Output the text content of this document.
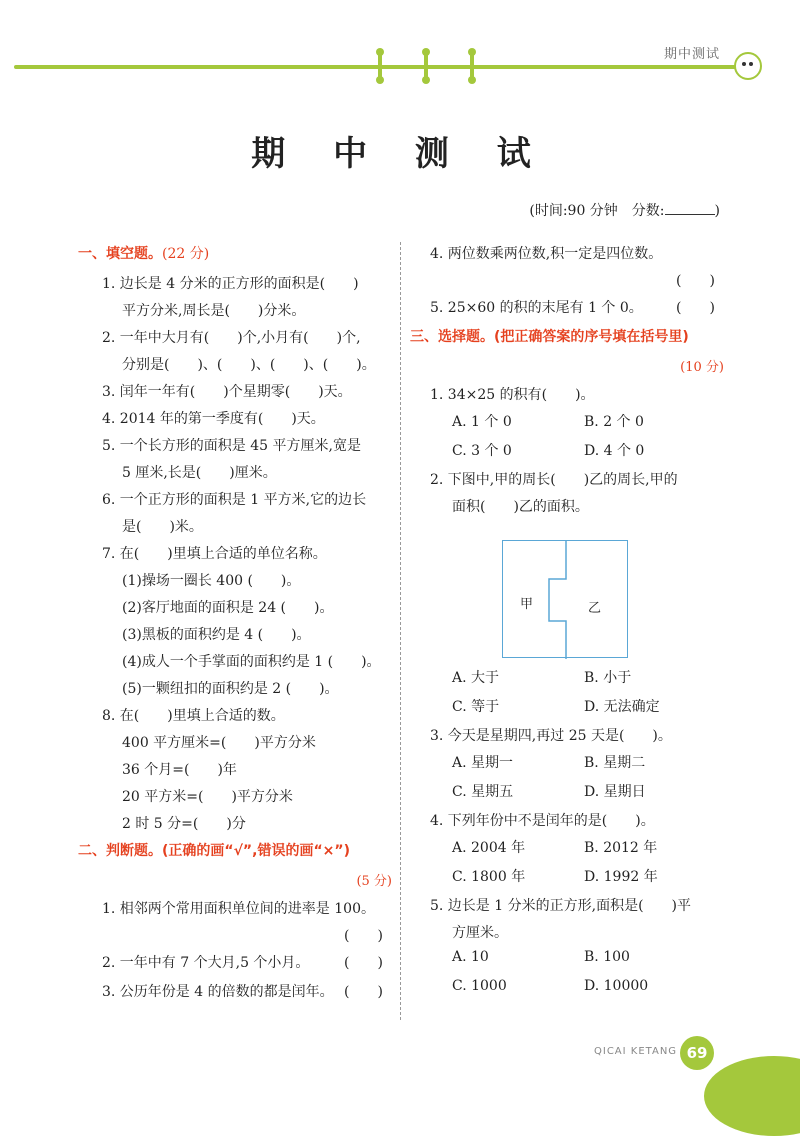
期中测试
期 中 测 试
(时间:90 分钟　分数:	)
一、填空题。(22 分)
1. 边长是 4 分米的正方形的面积是(　　)
平方分米,周长是(　　)分米。
2. 一年中大月有(　　)个,小月有(　　)个,
分别是(　　)、(　　)、(　　)、(　　)。
3. 闰年一年有(　　)个星期零(　　)天。
4. 2014 年的第一季度有(　　)天。
5. 一个长方形的面积是 45 平方厘米,宽是
5 厘米,长是(　　)厘米。
6. 一个正方形的面积是 1 平方米,它的边长
是(　　)米。
7. 在(　　)里填上合适的单位名称。
(1)操场一圈长 400 (　　)。
(2)客厅地面的面积是 24 (　　)。
(3)黑板的面积约是 4 (　　)。
(4)成人一个手掌面的面积约是 1 (　　)。
(5)一颗纽扣的面积约是 2 (　　)。
8. 在(　　)里填上合适的数。
400 平方厘米=(　　)平方分米
36 个月=(　　)年
20 平方米=(　　)平方分米
2 时 5 分=(　　)分
二、判断题。(正确的画“√”,错误的画“×”)
(5 分)
1. 相邻两个常用面积单位间的进率是 100。
(　　)
2. 一年中有 7 个大月,5 个小月。 (　　)
3. 公历年份是 4 的倍数的都是闰年。 (　　)
4. 两位数乘两位数,积一定是四位数。
(　　)
5. 25×60 的积的末尾有 1 个 0。 (　　)
三、选择题。(把正确答案的序号填在括号里)
(10 分)
1. 34×25 的积有(　　)。
A. 1 个 0	B. 2 个 0
C. 3 个 0	D. 4 个 0
2. 下图中,甲的周长(　　)乙的周长,甲的
面积(　　)乙的面积。
A. 大于	B. 小于
C. 等于	D. 无法确定
3. 今天是星期四,再过 25 天是(　　)。
A. 星期一	B. 星期二
C. 星期五	D. 星期日
4. 下列年份中不是闰年的是(　　)。
A. 2004 年	B. 2012 年
C. 1800 年	D. 1992 年
5. 边长是 1 分米的正方形,面积是(　　)平
方厘米。
A. 10	B. 100
C. 1000	D. 10000
甲	乙
QICAI KETANG 69
